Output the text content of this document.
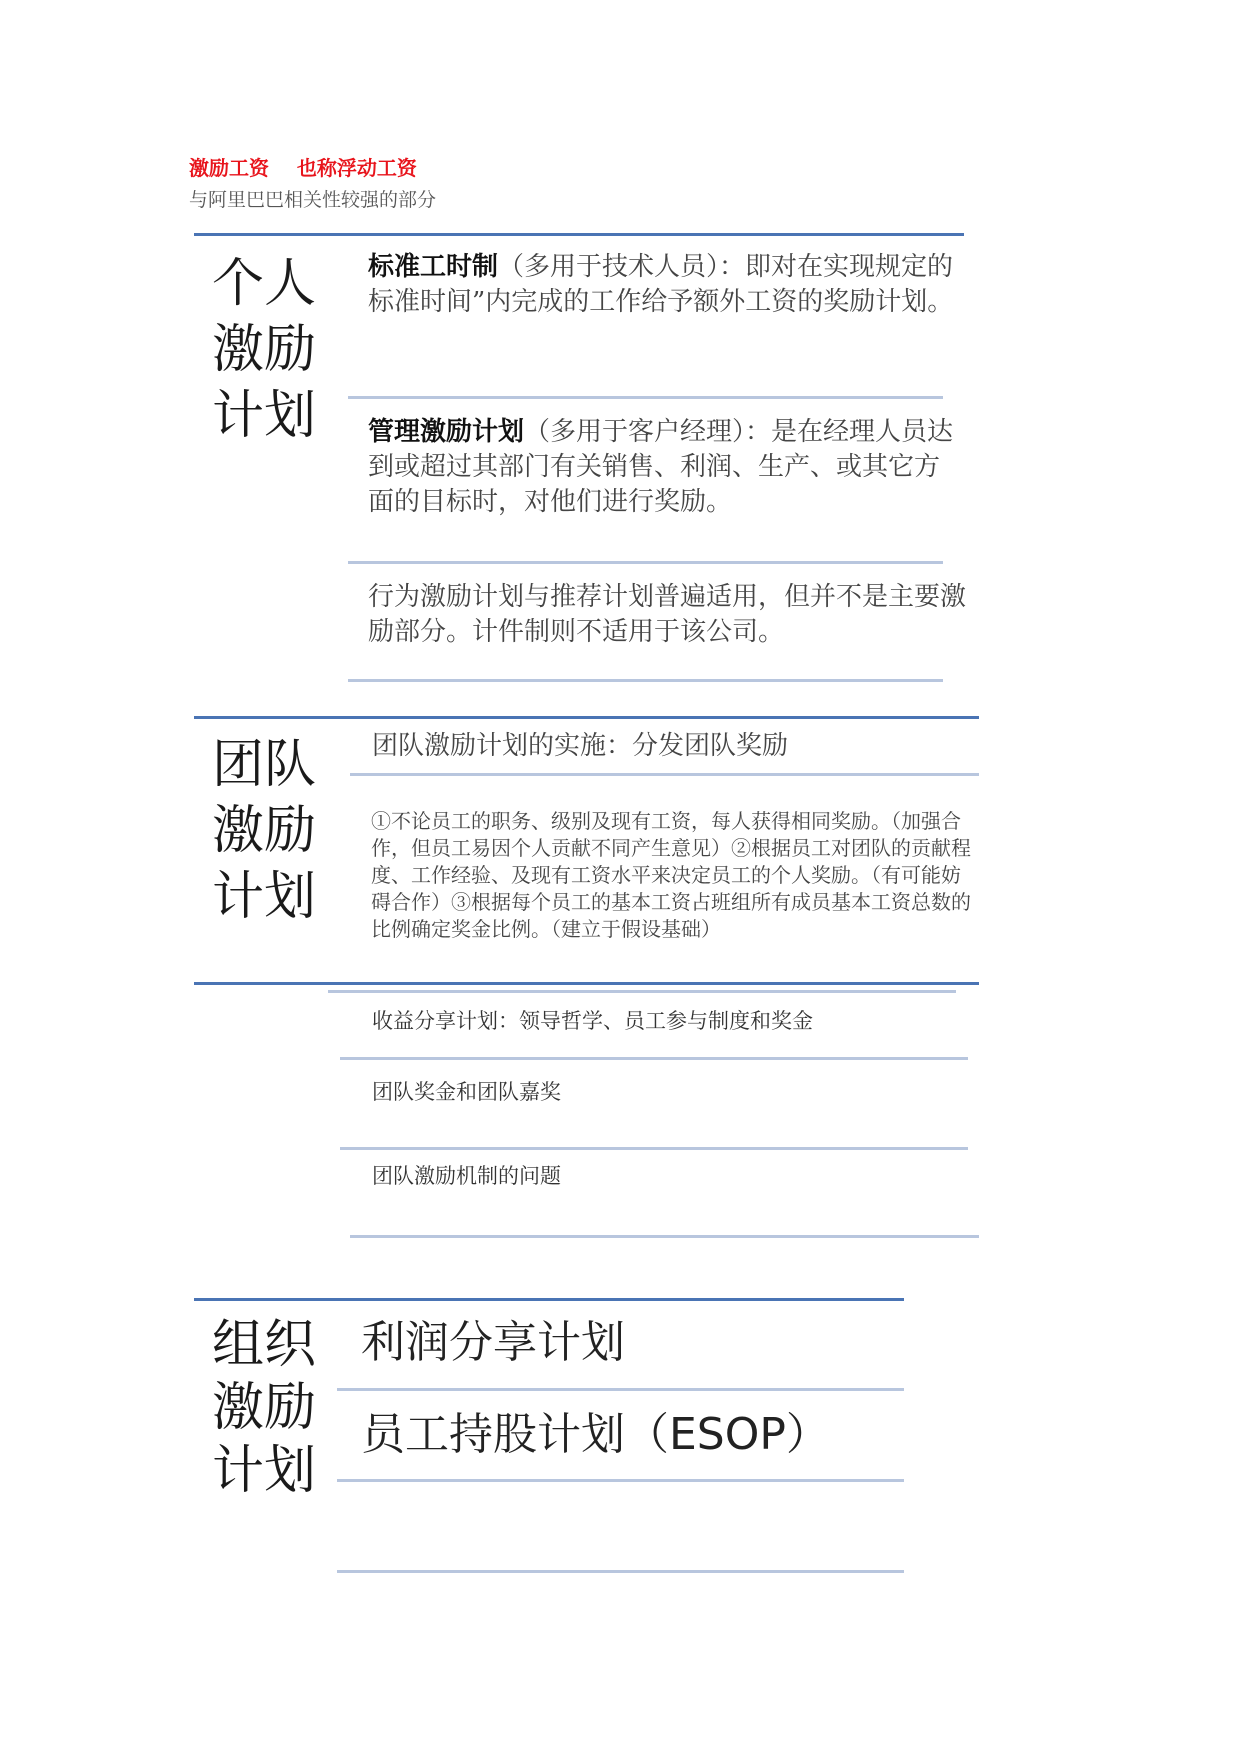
激励工资    也称浮动工资
与阿里巴巴相关性较强的部分
个人
激励
计划
标准工时制（多用于技术人员）：即对在实现规定的标准时间”内完成的工作给予额外工资的奖励计划。
管理激励计划（多用于客户经理）：是在经理人员达到或超过其部门有关销售、利润、生产、或其它方面的目标时，对他们进行奖励。
行为激励计划与推荐计划普遍适用，但并不是主要激励部分。计件制则不适用于该公司。
团队
激励
计划
团队激励计划的实施：分发团队奖励
①不论员工的职务、级别及现有工资，每人获得相同奖励。（加强合作，但员工易因个人贡献不同产生意见）②根据员工对团队的贡献程度、工作经验、及现有工资水平来决定员工的个人奖励。（有可能妨碍合作）③根据每个员工的基本工资占班组所有成员基本工资总数的比例确定奖金比例。（建立于假设基础）
收益分享计划：领导哲学、员工参与制度和奖金
团队奖金和团队嘉奖
团队激励机制的问题
组织
激励
计划
利润分享计划
员工持股计划（ESOP）
